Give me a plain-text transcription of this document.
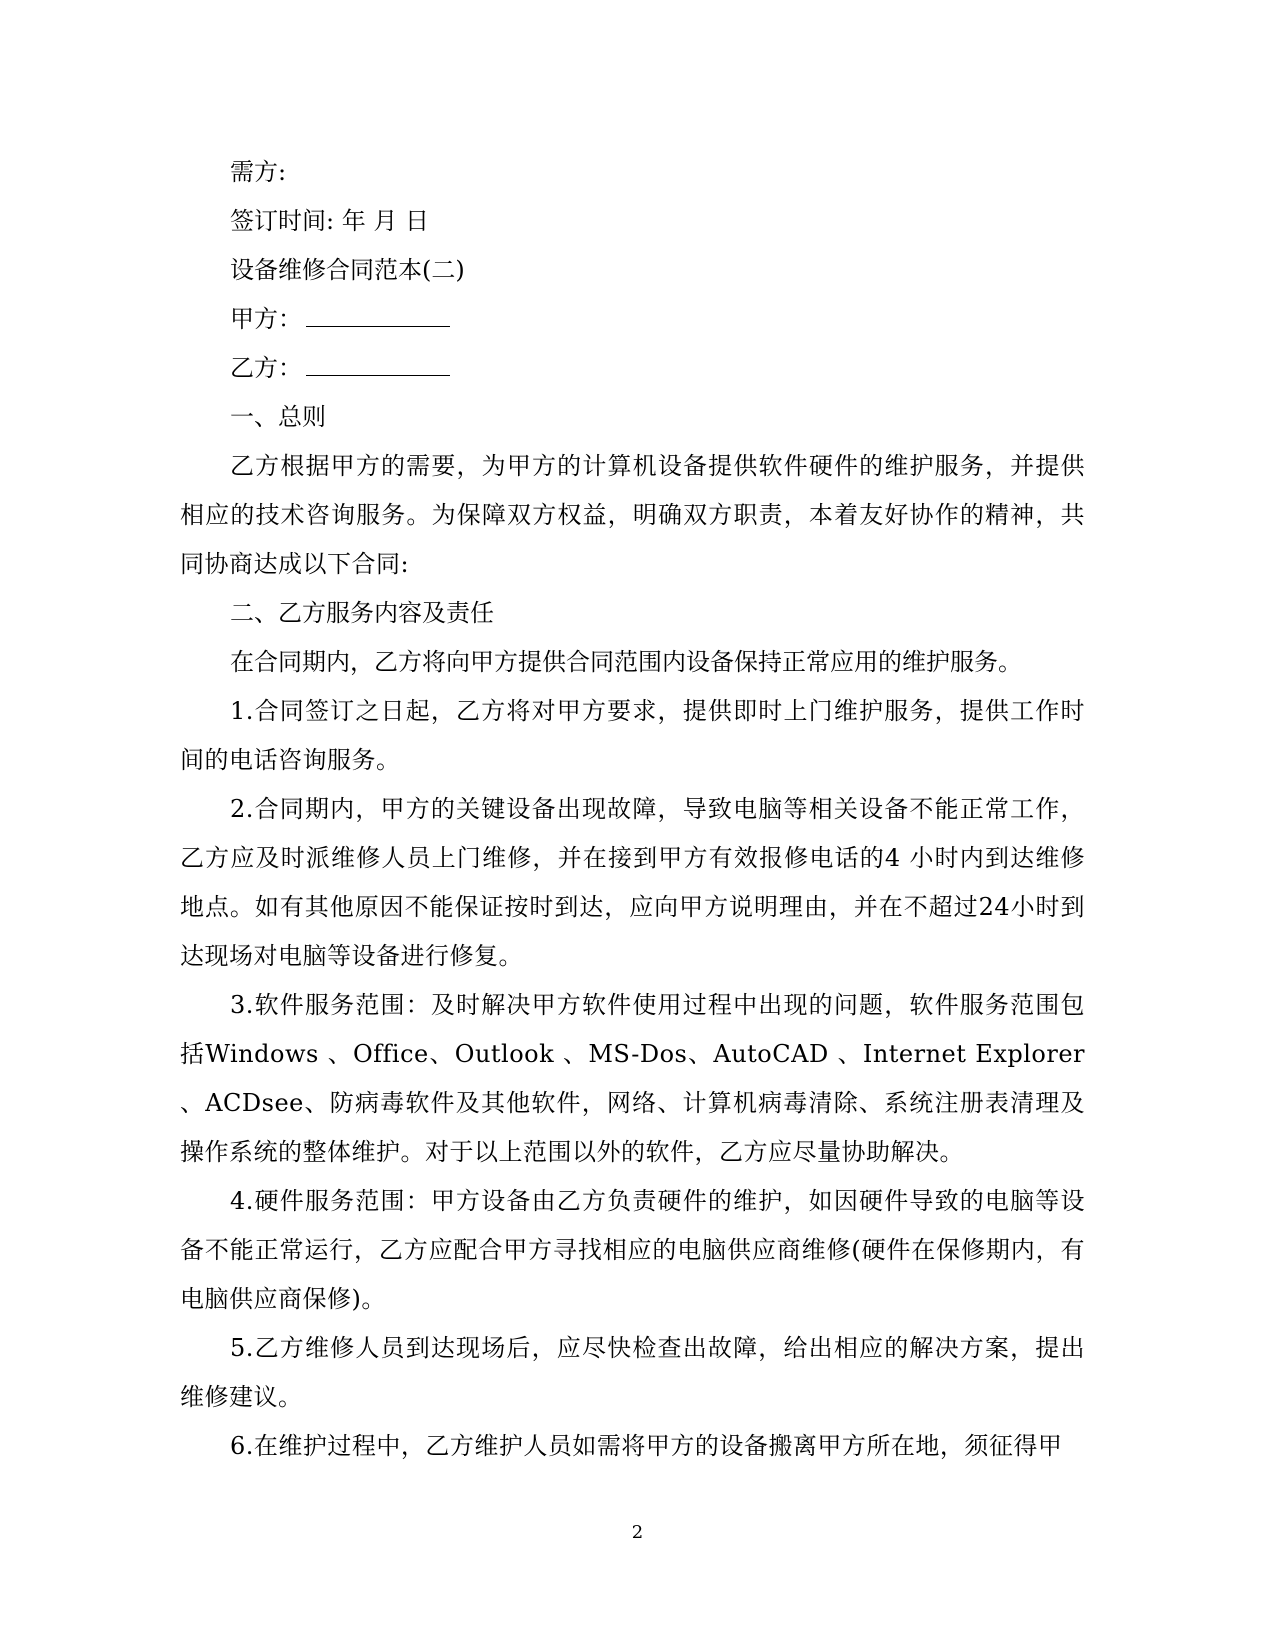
需方:

签订时间: 年 月 日

设备维修合同范本(二)

甲方：

乙方：

一、总则

乙方根据甲方的需要，为甲方的计算机设备提供软件硬件的维护服务，并提供相应的技术咨询服务。为保障双方权益，明确双方职责，本着友好协作的精神，共同协商达成以下合同:

二、乙方服务内容及责任

在合同期内，乙方将向甲方提供合同范围内设备保持正常应用的维护服务。

1.合同签订之日起，乙方将对甲方要求，提供即时上门维护服务，提供工作时间的电话咨询服务。

2.合同期内，甲方的关键设备出现故障，导致电脑等相关设备不能正常工作，乙方应及时派维修人员上门维修，并在接到甲方有效报修电话的4 小时内到达维修地点。如有其他原因不能保证按时到达，应向甲方说明理由，并在不超过24小时到达现场对电脑等设备进行修复。

3.软件服务范围：及时解决甲方软件使用过程中出现的问题，软件服务范围包括Windows 、Office、Outlook 、MS-Dos、AutoCAD 、Internet Explorer 、ACDsee、防病毒软件及其他软件，网络、计算机病毒清除、系统注册表清理及操作系统的整体维护。对于以上范围以外的软件，乙方应尽量协助解决。

4.硬件服务范围：甲方设备由乙方负责硬件的维护，如因硬件导致的电脑等设备不能正常运行，乙方应配合甲方寻找相应的电脑供应商维修(硬件在保修期内，有电脑供应商保修)。

5.乙方维修人员到达现场后，应尽快检查出故障，给出相应的解决方案，提出维修建议。

6.在维护过程中，乙方维护人员如需将甲方的设备搬离甲方所在地，须征得甲

2
